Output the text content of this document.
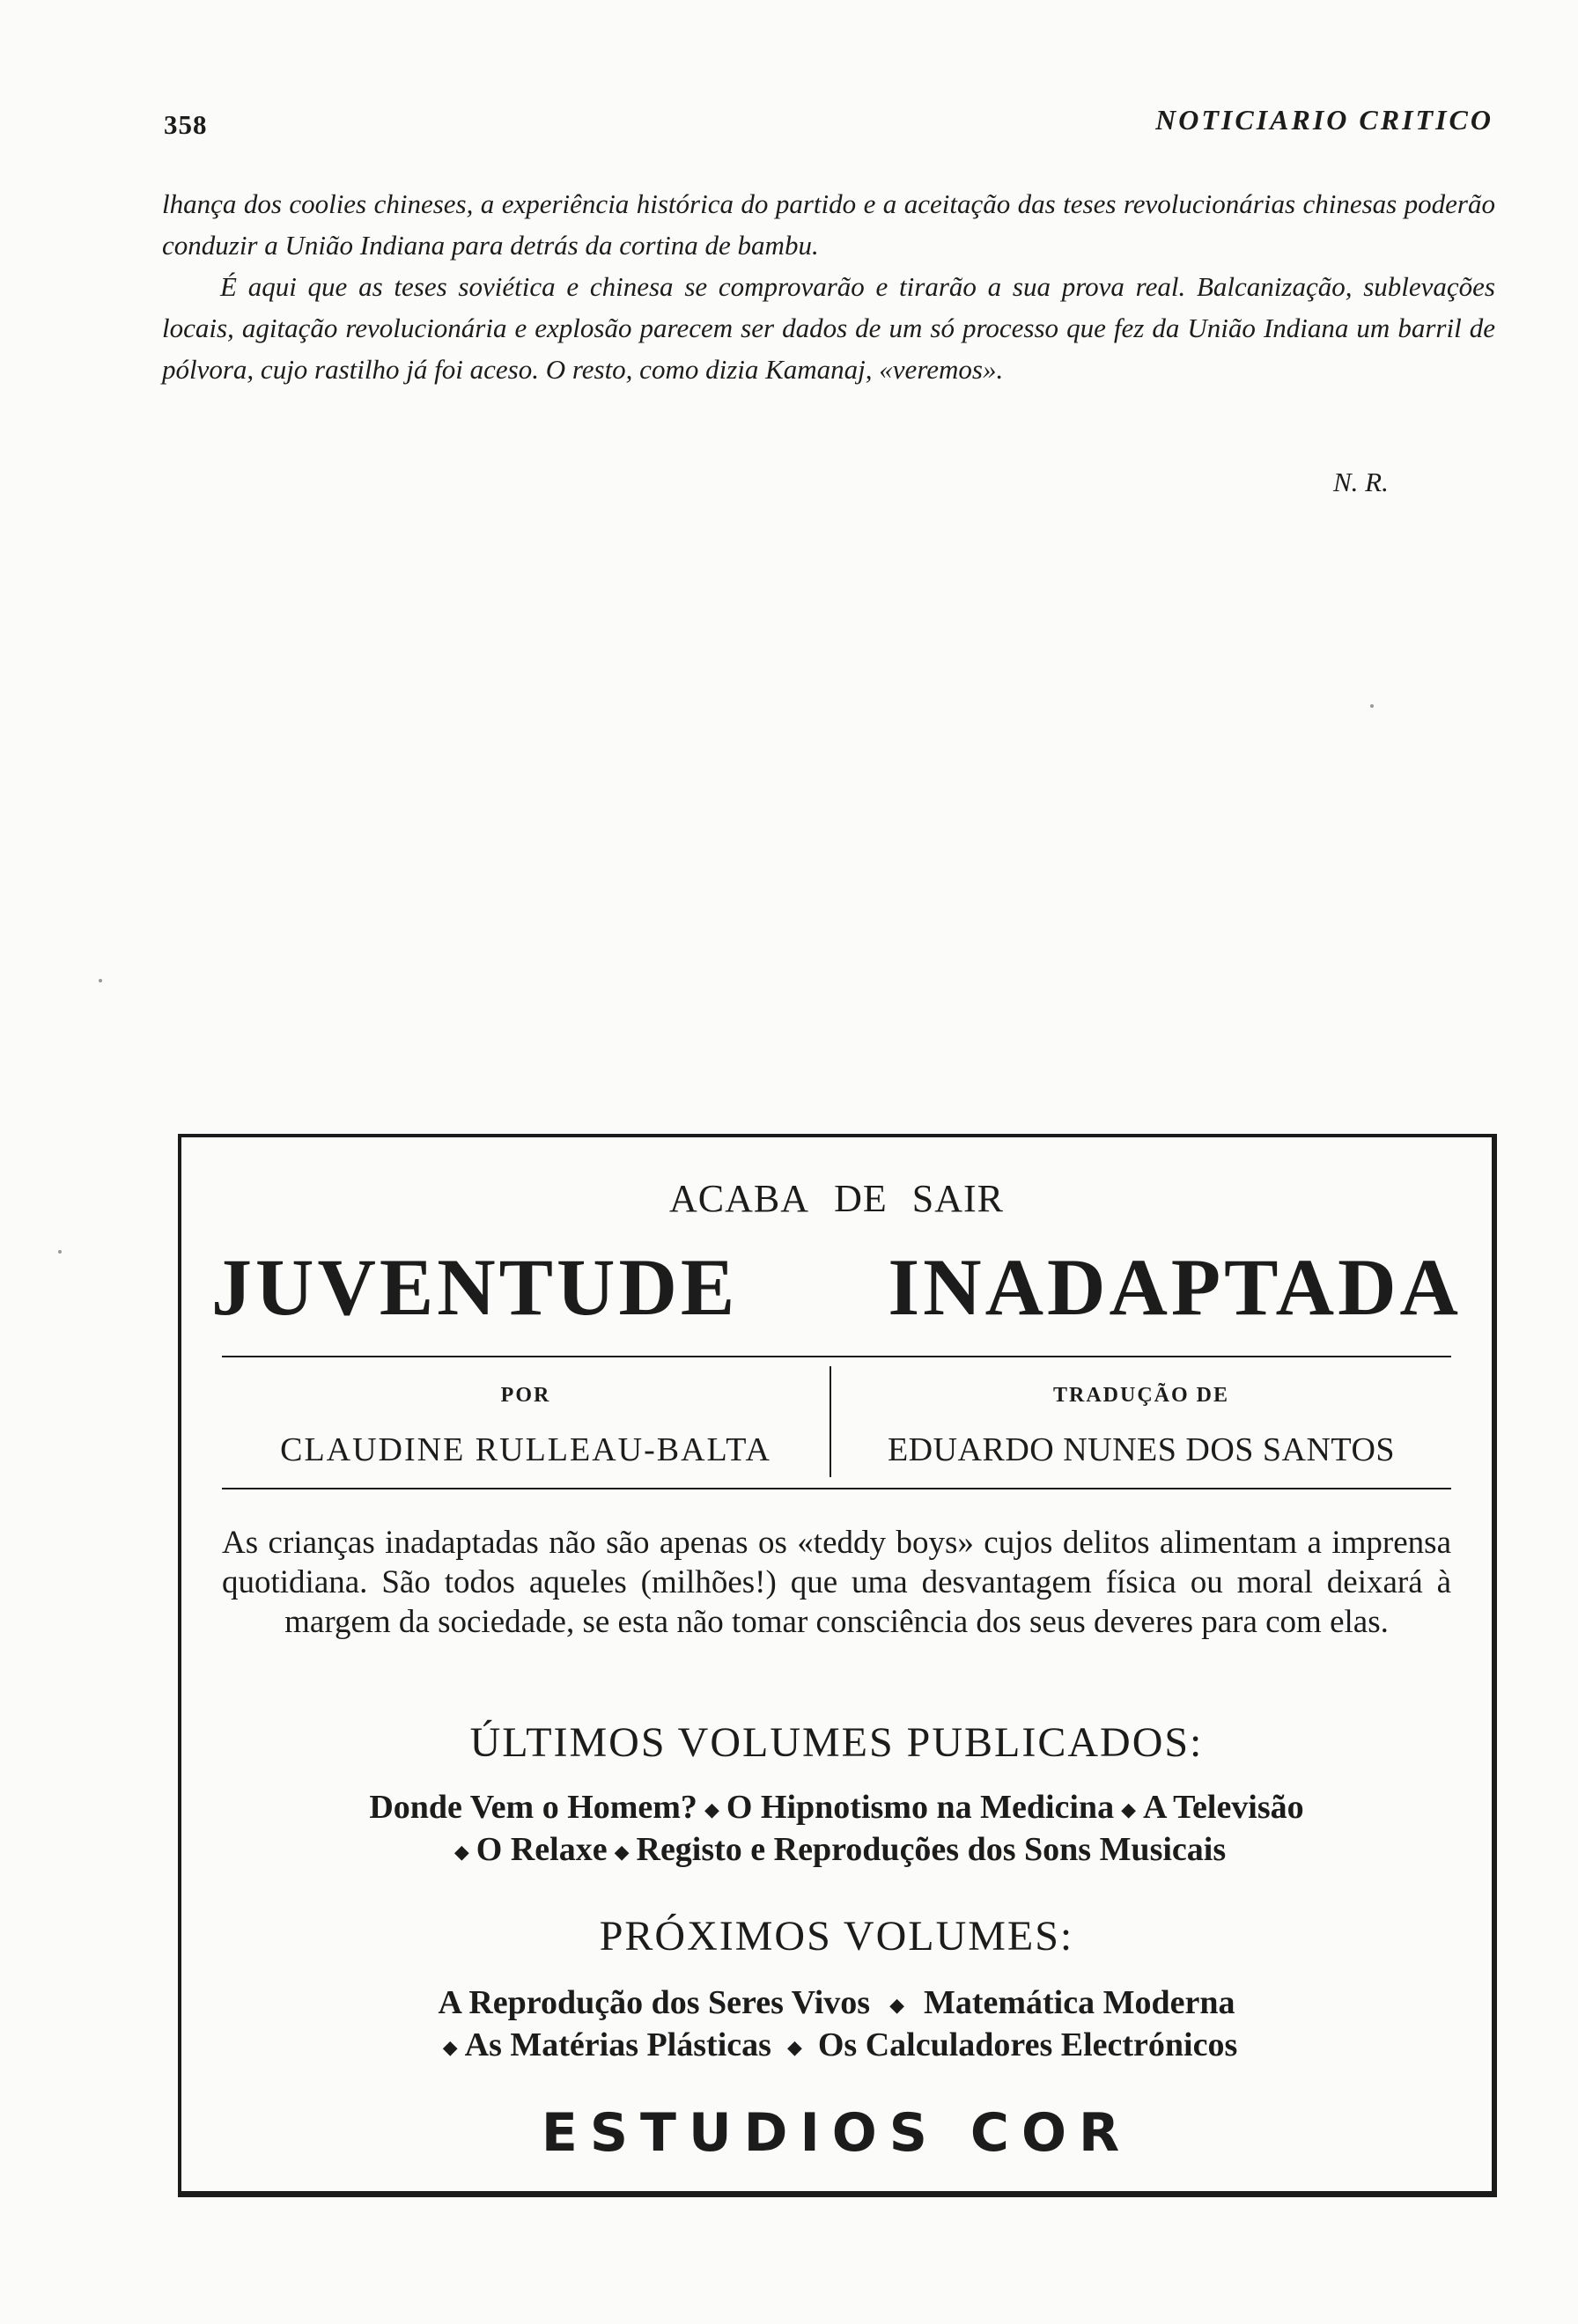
358	NOTICIARIO CRITICO

lhança dos coolies chineses, a experiência histórica do partido e a aceitação das teses revolucionárias chinesas poderão conduzir a União Indiana para detrás da cortina de bambu.

É aqui que as teses soviética e chinesa se comprovarão e tirarão a sua prova real. Balcanização, sublevações locais, agitação revolucionária e explosão parecem ser dados de um só processo que fez da União Indiana um barril de pólvora, cujo rastilho já foi aceso. O resto, como dizia Kamanaj, «veremos».

N. R.
ACABA DE SAIR
JUVENTUDE INADAPTADA
POR
CLAUDINE RULLEAU-BALTA
TRADUÇÃO DE
EDUARDO NUNES DOS SANTOS
As crianças inadaptadas não são apenas os «teddy boys» cujos delitos alimentam a imprensa quotidiana. São todos aqueles (milhões!) que uma desvantagem física ou moral deixará à margem da sociedade, se esta não tomar consciência dos seus deveres para com elas.
ÚLTIMOS VOLUMES PUBLICADOS:
Donde Vem o Homem? ◆ O Hipnotismo na Medicina ◆ A Televisão
◆ O Relaxe ◆ Registo e Reproduções dos Sons Musicais
PRÓXIMOS VOLUMES:
A Reprodução dos Seres Vivos ◆ Matemática Moderna
◆ As Matérias Plásticas ◆ Os Calculadores Electrónicos
ESTUDIOS COR
